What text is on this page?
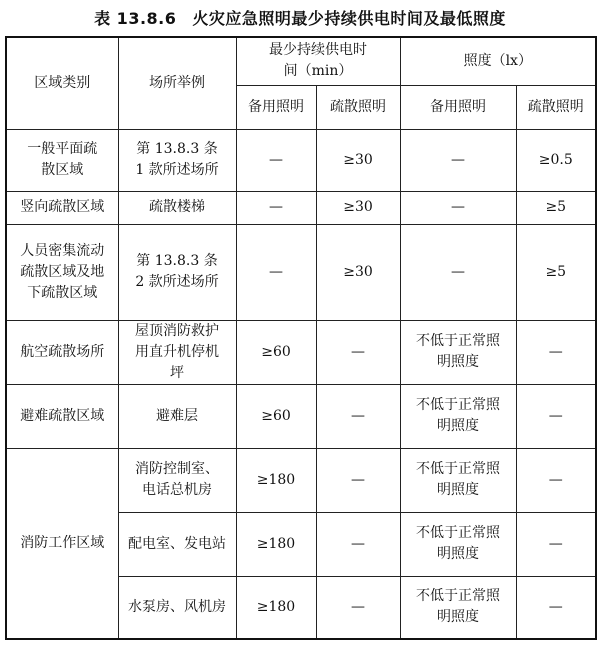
表 13.8.6 火灾应急照明最少持续供电时间及最低照度
区域类别	场所举例	最少持续供电时间（min）		照度（lx）	
		备用照明	疏散照明	备用照明	疏散照明
一般平面疏散区域	第 13.8.3 条 1 款所述场所	—	≥30	—	≥0.5
竖向疏散区域	疏散楼梯	—	≥30	—	≥5
人员密集流动疏散区域及地下疏散区域	第 13.8.3 条 2 款所述场所	—	≥30	—	≥5
航空疏散场所	屋顶消防救护用直升机停机坪	≥60	—	不低于正常照明照度	—
避难疏散区域	避难层	≥60	—	不低于正常照明照度	—
消防工作区域	消防控制室、电话总机房	≥180	—	不低于正常照明照度	—
	配电室、发电站	≥180	—	不低于正常照明照度	—
	水泵房、风机房	≥180	—	不低于正常照明照度	—
